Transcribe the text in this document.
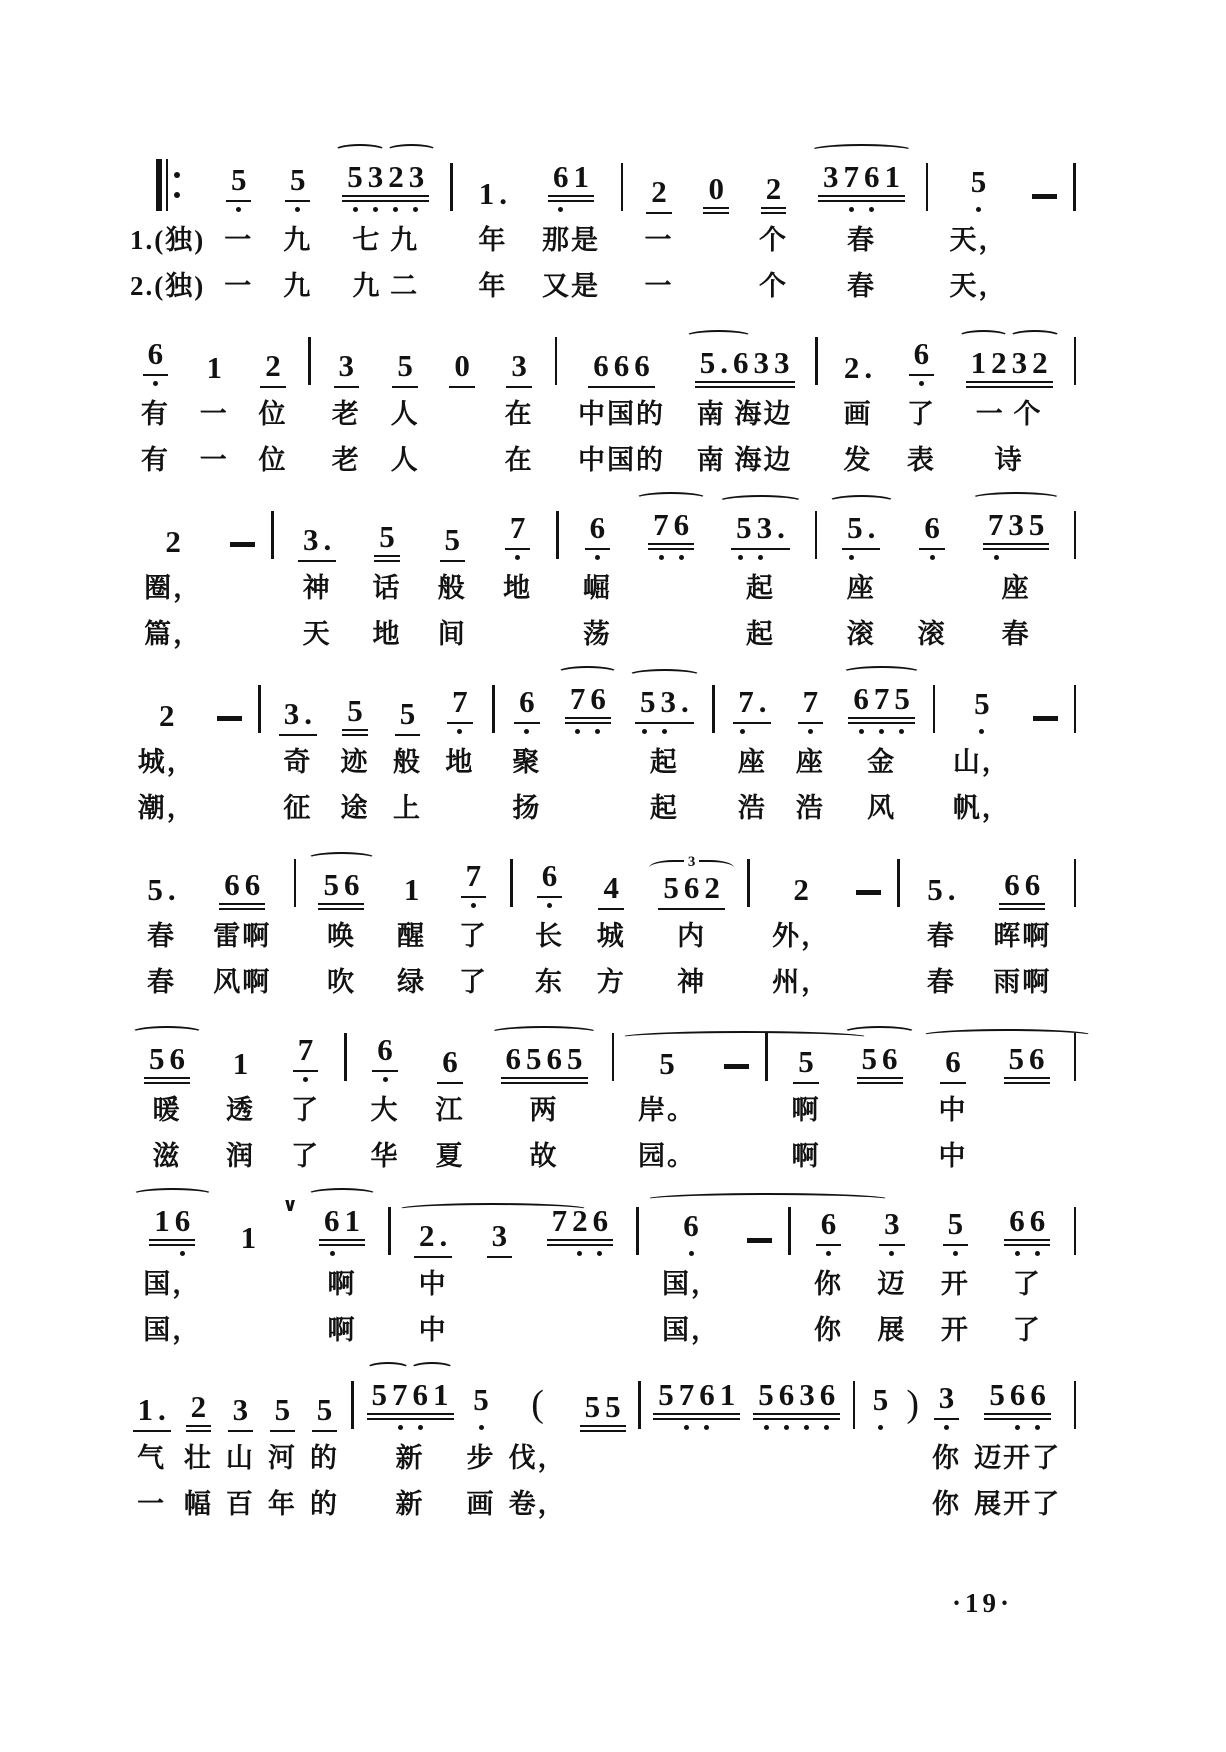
1.(独)
2.(独)
5
一
一
5
九
九
5323
七 九
九 二
1.
年
年
61
那是
又是
2
一
一
0 2
个
个
3761
春
春
5
天，
天，
6
有
有
1
一
一
2
位
位
3
老
老
5
人
人
0 3
在
在
666
中国的
中国的
5.633
南 海边
南 海边
2.
画
发
6
了
表
1232
一 个
诗
2
圈，
篇，
3.
神
天
5
话
地
5
般
间
7
地
6
崛
荡
76 53.
起
起
5.
座
滚
6
滚
735
座
春
2
城，
潮，
3.
奇
征
5
迹
途
5
般
上
7
地
6
聚
扬
76 53.
起
起
7.
座
浩
7
座
浩
675
金
风
5
山，
帆，
5.
春
春
66
雷啊
风啊
56
唤
吹
1
醒
绿
7
了
了
6
长
东
4
城
方
3
562
内
神
2
外，
州，
5.
春
春
66
晖啊
雨啊
56
暖
滋
1
透
润
7
了
了
6
大
华
6
江
夏
6565
两
故
5
岸。
园。
5
啊
啊
56 6
中
中
56
16
国，
国，
1
∨ 61
啊
啊
2.
中
中
3 726 6
国，
国，
6
你
你
3
迈
展
5
开
开
66
了
了
1.
气
一
2
壮
幅
3
山
百
5
河
年
5
的
的
5761
新
新
5
步
画
(
伐，
卷，
55 5761 5636 5 ) 3
你
你
566
迈开了
展开了
·19·
